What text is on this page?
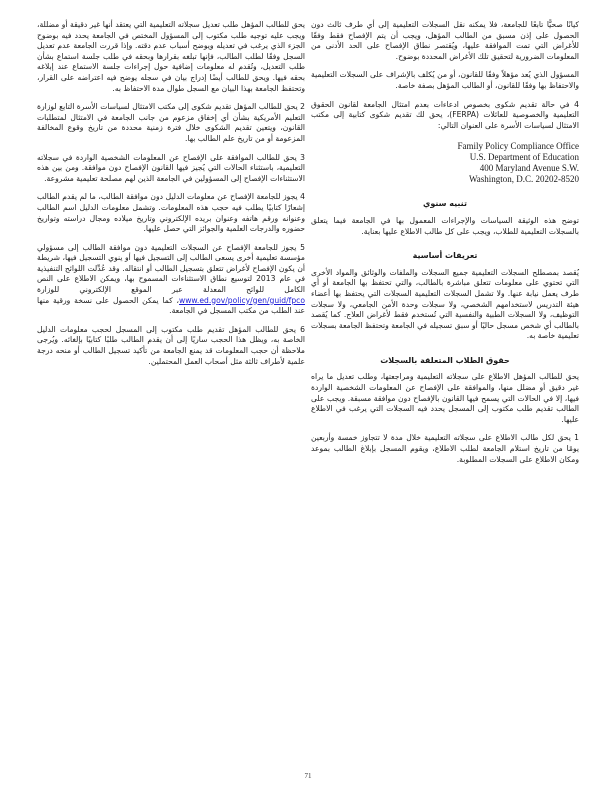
كيانًا صحيًّا تابعًا للجامعة، فلا يمكنه نقل السجلات التعليمية إلى أي طرف ثالث دون الحصول على إذن مسبق من الطالب المؤهل، ويجب أن يتم الإفصاح فقط وفقًا للأغراض التي تمت الموافقة عليها، ويُقتصر نطاق الإفصاح على الحد الأدنى من المعلومات الضرورية لتحقيق تلك الأغراض المحددة بوضوح.

المسؤول الذي يُعد مؤهلاً وفقًا للقانون، أو من يُكلف بالإشراف على السجلات التعليمية والاحتفاظ بها وفقًا للقانون، أو الطالب المؤهل بصفة خاصة.

4 في حالة تقديم شكوى بخصوص ادعاءات بعدم امتثال الجامعة لقانون الحقوق التعليمية والخصوصية للعائلات (FERPA)، يحق لك تقديم شكوى كتابية إلى مكتب الامتثال لسياسات الأسرة على العنوان التالي:

Family Policy Compliance Office
U.S. Department of Education
400 Maryland Avenue S.W.
Washington, D.C. 20202-8520
تنبيه سنوي

توضح هذه الوثيقة السياسات والإجراءات المعمول بها في الجامعة فيما يتعلق بالسجلات التعليمية للطلاب، ويجب على كل طالب الاطلاع عليها بعناية.

تعريفات أساسية

يُقصد بمصطلح السجلات التعليمية جميع السجلات والملفات والوثائق والمواد الأخرى التي تحتوي على معلومات تتعلق مباشرة بالطالب، والتي تحتفظ بها الجامعة أو أي طرف يعمل نيابة عنها. ولا تشمل السجلات التعليمية السجلات التي يحتفظ بها أعضاء هيئة التدريس لاستخدامهم الشخصي، ولا سجلات وحدة الأمن الجامعي، ولا سجلات التوظيف، ولا السجلات الطبية والنفسية التي تُستخدم فقط لأغراض العلاج. كما يُقصد بالطالب أي شخص مسجل حاليًا أو سبق تسجيله في الجامعة وتحتفظ الجامعة بسجلات تعليمية خاصة به.

حقوق الطلاب المتعلقة بالسجلات

يحق للطالب المؤهل الاطلاع على سجلاته التعليمية ومراجعتها، وطلب تعديل ما يراه غير دقيق أو مضلل منها، والموافقة على الإفصاح عن المعلومات الشخصية الواردة فيها، إلا في الحالات التي يسمح فيها القانون بالإفصاح دون موافقة مسبقة. ويجب على الطالب تقديم طلب مكتوب إلى المسجل يحدد فيه السجلات التي يرغب في الاطلاع عليها.

1 يحق لكل طالب الاطلاع على سجلاته التعليمية خلال مدة لا تتجاوز خمسة وأربعين يومًا من تاريخ استلام الجامعة لطلب الاطلاع، ويقوم المسجل بإبلاغ الطالب بموعد ومكان الاطلاع على السجلات المطلوبة.

يحق للطالب المؤهل طلب تعديل سجلاته التعليمية التي يعتقد أنها غير دقيقة أو مضللة، ويجب عليه توجيه طلب مكتوب إلى المسؤول المختص في الجامعة يحدد فيه بوضوح الجزء الذي يرغب في تعديله ويوضح أسباب عدم دقته. وإذا قررت الجامعة عدم تعديل السجل وفقًا لطلب الطالب، فإنها تبلغه بقرارها وبحقه في طلب جلسة استماع بشأن طلب التعديل، وتُقدم له معلومات إضافية حول إجراءات جلسة الاستماع عند إبلاغه بحقه فيها. ويحق للطالب أيضًا إدراج بيان في سجله يوضح فيه اعتراضه على القرار، وتحتفظ الجامعة بهذا البيان مع السجل طوال مدة الاحتفاظ به.

2 يحق للطالب المؤهل تقديم شكوى إلى مكتب الامتثال لسياسات الأسرة التابع لوزارة التعليم الأمريكية بشأن أي إخفاق مزعوم من جانب الجامعة في الامتثال لمتطلبات القانون، ويتعين تقديم الشكوى خلال فترة زمنية محددة من تاريخ وقوع المخالفة المزعومة أو من تاريخ علم الطالب بها.

3 يحق للطالب الموافقة على الإفصاح عن المعلومات الشخصية الواردة في سجلاته التعليمية، باستثناء الحالات التي يُجيز فيها القانون الإفصاح دون موافقة. ومن بين هذه الاستثناءات الإفصاح إلى المسؤولين في الجامعة الذين لهم مصلحة تعليمية مشروعة.

4 يجوز للجامعة الإفصاح عن معلومات الدليل دون موافقة الطالب، ما لم يقدم الطالب إشعارًا كتابيًا يطلب فيه حجب هذه المعلومات. وتشمل معلومات الدليل اسم الطالب وعنوانه ورقم هاتفه وعنوان بريده الإلكتروني وتاريخ ميلاده ومجال دراسته وتواريخ حضوره والدرجات العلمية والجوائز التي حصل عليها.

5 يجوز للجامعة الإفصاح عن السجلات التعليمية دون موافقة الطالب إلى مسؤولي مؤسسة تعليمية أخرى يسعى الطالب إلى التسجيل فيها أو ينوي التسجيل فيها، شريطة أن يكون الإفصاح لأغراض تتعلق بتسجيل الطالب أو انتقاله. وقد عُدِّلت اللوائح التنفيذية في عام 2013 لتوسيع نطاق الاستثناءات المسموح بها، ويمكن الاطلاع على النص الكامل للوائح المعدلة عبر الموقع الإلكتروني للوزارة www.ed.gov/policy/gen/guid/fpco، كما يمكن الحصول على نسخة ورقية منها عند الطلب من مكتب المسجل في الجامعة.

6 يحق للطالب المؤهل تقديم طلب مكتوب إلى المسجل لحجب معلومات الدليل الخاصة به، ويظل هذا الحجب ساريًا إلى أن يقدم الطالب طلبًا كتابيًا بإلغائه. ويُرجى ملاحظة أن حجب المعلومات قد يمنع الجامعة من تأكيد تسجيل الطالب أو منحه درجة علمية لأطراف ثالثة مثل أصحاب العمل المحتملين.

71
